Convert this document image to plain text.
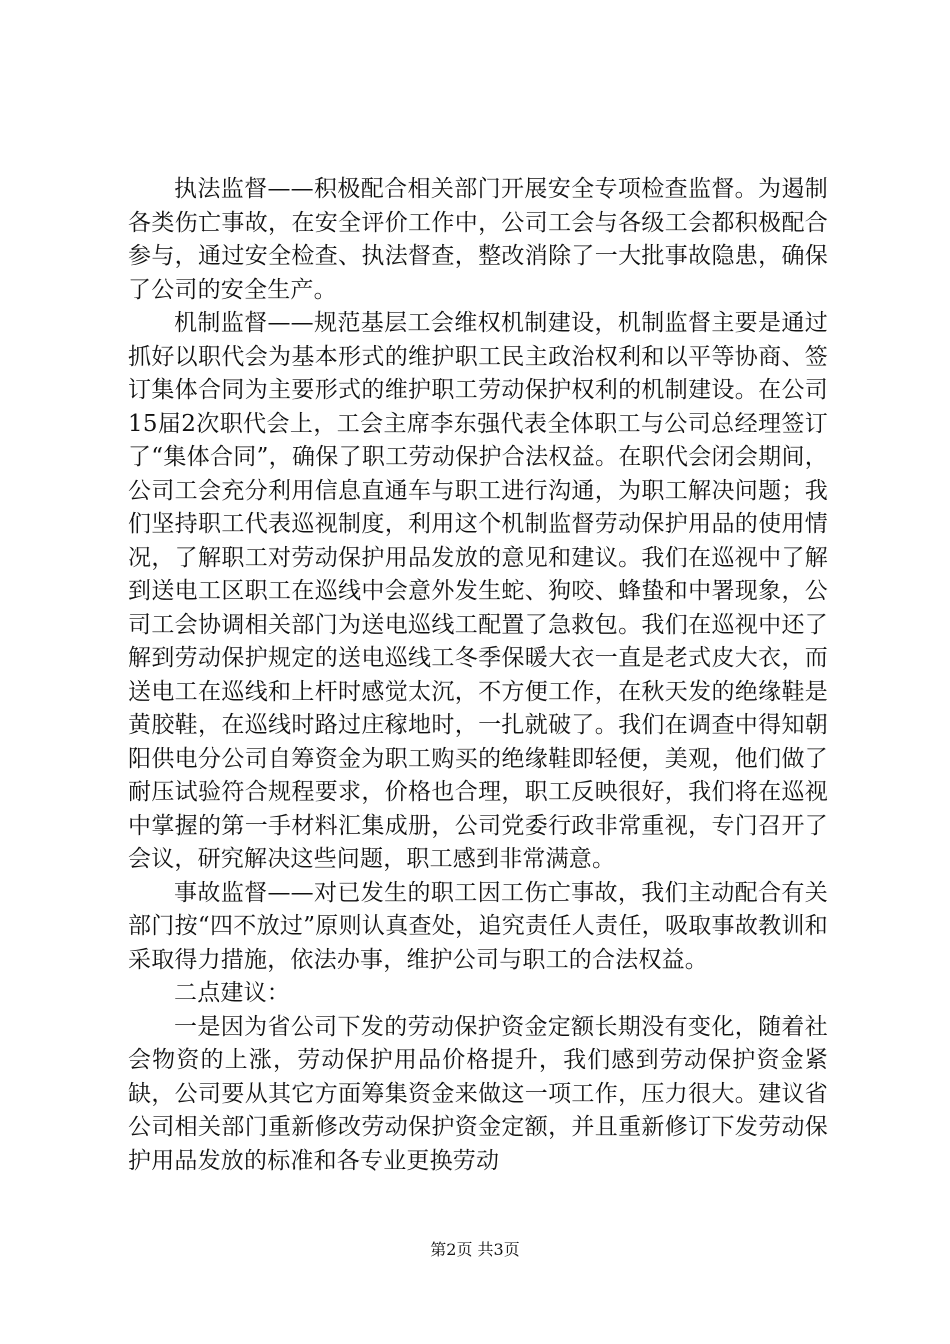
执法监督——积极配合相关部门开展安全专项检查监督。为遏制各类伤亡事故，在安全评价工作中，公司工会与各级工会都积极配合参与，通过安全检查、执法督查，整改消除了一大批事故隐患，确保了公司的安全生产。

机制监督——规范基层工会维权机制建设，机制监督主要是通过抓好以职代会为基本形式的维护职工民主政治权利和以平等协商、签订集体合同为主要形式的维护职工劳动保护权利的机制建设。在公司15届2次职代会上，工会主席李东强代表全体职工与公司总经理签订了“集体合同”，确保了职工劳动保护合法权益。在职代会闭会期间，公司工会充分利用信息直通车与职工进行沟通，为职工解决问题；我们坚持职工代表巡视制度，利用这个机制监督劳动保护用品的使用情况，了解职工对劳动保护用品发放的意见和建议。我们在巡视中了解到送电工区职工在巡线中会意外发生蛇、狗咬、蜂蛰和中署现象，公司工会协调相关部门为送电巡线工配置了急救包。我们在巡视中还了解到劳动保护规定的送电巡线工冬季保暖大衣一直是老式皮大衣，而送电工在巡线和上杆时感觉太沉，不方便工作，在秋天发的绝缘鞋是黄胶鞋，在巡线时路过庄稼地时，一扎就破了。我们在调查中得知朝阳供电分公司自筹资金为职工购买的绝缘鞋即轻便，美观，他们做了耐压试验符合规程要求，价格也合理，职工反映很好，我们将在巡视中掌握的第一手材料汇集成册，公司党委行政非常重视，专门召开了会议，研究解决这些问题，职工感到非常满意。

事故监督——对已发生的职工因工伤亡事故，我们主动配合有关部门按“四不放过”原则认真查处，追究责任人责任，吸取事故教训和采取得力措施，依法办事，维护公司与职工的合法权益。

二点建议：

一是因为省公司下发的劳动保护资金定额长期没有变化，随着社会物资的上涨，劳动保护用品价格提升，我们感到劳动保护资金紧缺，公司要从其它方面筹集资金来做这一项工作，压力很大。建议省公司相关部门重新修改劳动保护资金定额，并且重新修订下发劳动保护用品发放的标准和各专业更换劳动

第2页 共3页
